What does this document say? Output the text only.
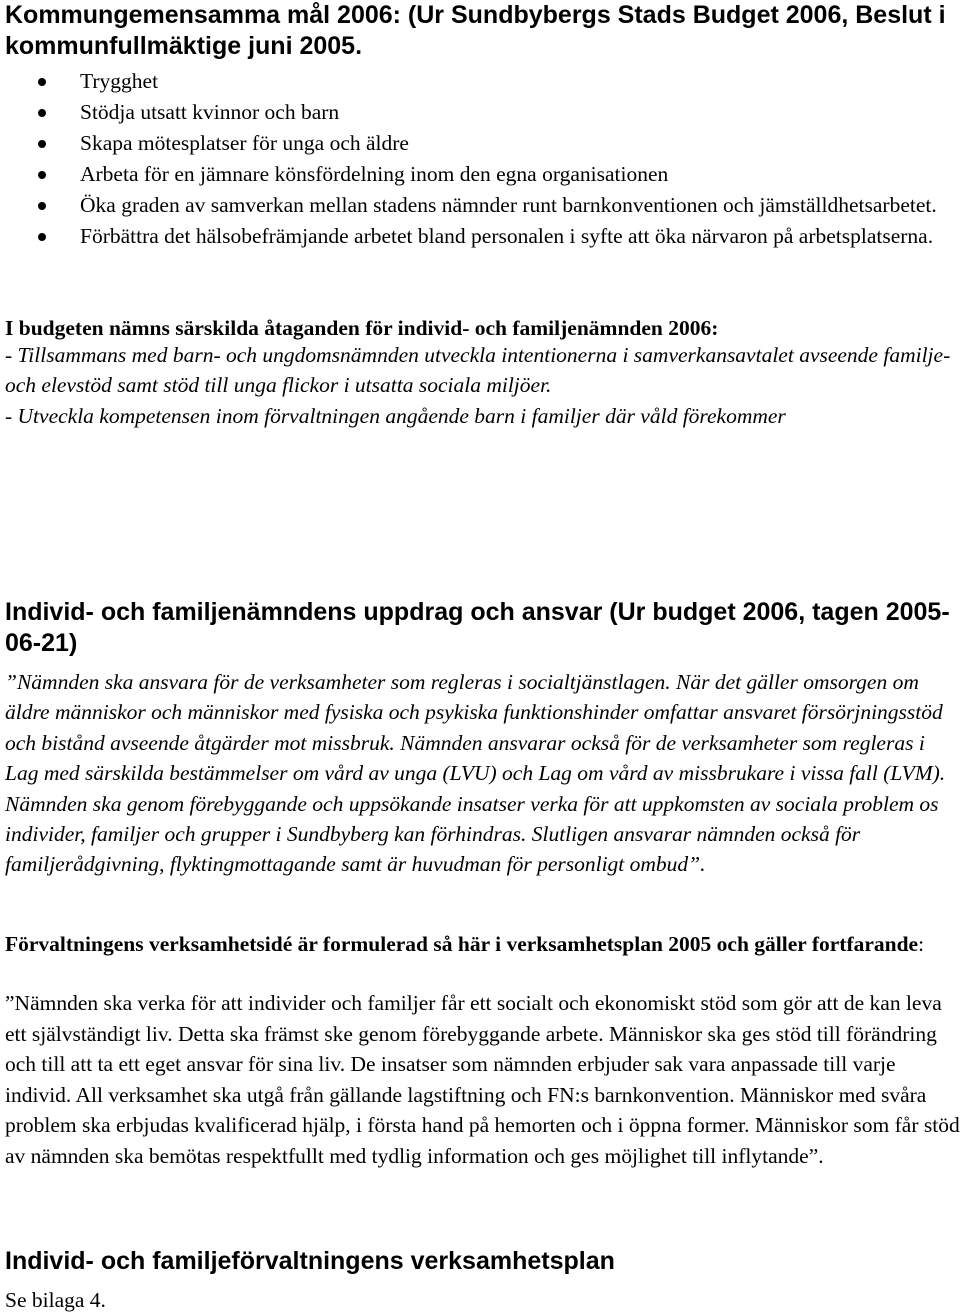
Kommungemensamma mål 2006: (Ur Sundbybergs Stads Budget 2006, Beslut i kommunfullmäktige juni 2005.
Trygghet
Stödja utsatt kvinnor och barn
Skapa mötesplatser för unga och äldre
Arbeta för en jämnare könsfördelning inom den egna organisationen
Öka graden av samverkan mellan stadens nämnder runt barnkonventionen och jämställdhetsarbetet.
Förbättra det hälsobefrämjande arbetet bland personalen i syfte att öka närvaron på arbetsplatserna.

I budgeten nämns särskilda åtaganden för individ- och familjenämnden 2006:

- Tillsammans med barn- och ungdomsnämnden utveckla intentionerna i samverkansavtalet avseende familje- och elevstöd samt stöd till unga flickor i utsatta sociala miljöer.

- Utveckla kompetensen inom förvaltningen angående barn i familjer där våld förekommer

Individ- och familjenämndens uppdrag och ansvar (Ur budget 2006, tagen 2005-06-21)

”Nämnden ska ansvara för de verksamheter som regleras i socialtjänstlagen. När det gäller omsorgen om äldre människor och människor med fysiska och psykiska funktionshinder omfattar ansvaret försörjningsstöd och bistånd avseende åtgärder mot missbruk. Nämnden ansvarar också för de verksamheter som regleras i Lag med särskilda bestämmelser om vård av unga (LVU) och Lag om vård av missbrukare i vissa fall (LVM). Nämnden ska genom förebyggande och uppsökande insatser verka för att uppkomsten av sociala problem os individer, familjer och grupper i Sundbyberg kan förhindras. Slutligen ansvarar nämnden också för familjerådgivning, flyktingmottagande samt är huvudman för personligt ombud”.

Förvaltningens verksamhetsidé är formulerad så här i verksamhetsplan 2005 och gäller fortfarande:

”Nämnden ska verka för att individer och familjer får ett socialt och ekonomiskt stöd som gör att de kan leva ett självständigt liv. Detta ska främst ske genom förebyggande arbete. Människor ska ges stöd till förändring och till att ta ett eget ansvar för sina liv. De insatser som nämnden erbjuder sak vara anpassade till varje individ. All verksamhet ska utgå från gällande lagstiftning och FN:s barnkonvention. Människor med svåra problem ska erbjudas kvalificerad hjälp, i första hand på hemorten och i öppna former. Människor som får stöd av nämnden ska bemötas respektfullt med tydlig information och ges möjlighet till inflytande”.

Individ- och familjeförvaltningens verksamhetsplan

Se bilaga 4.
